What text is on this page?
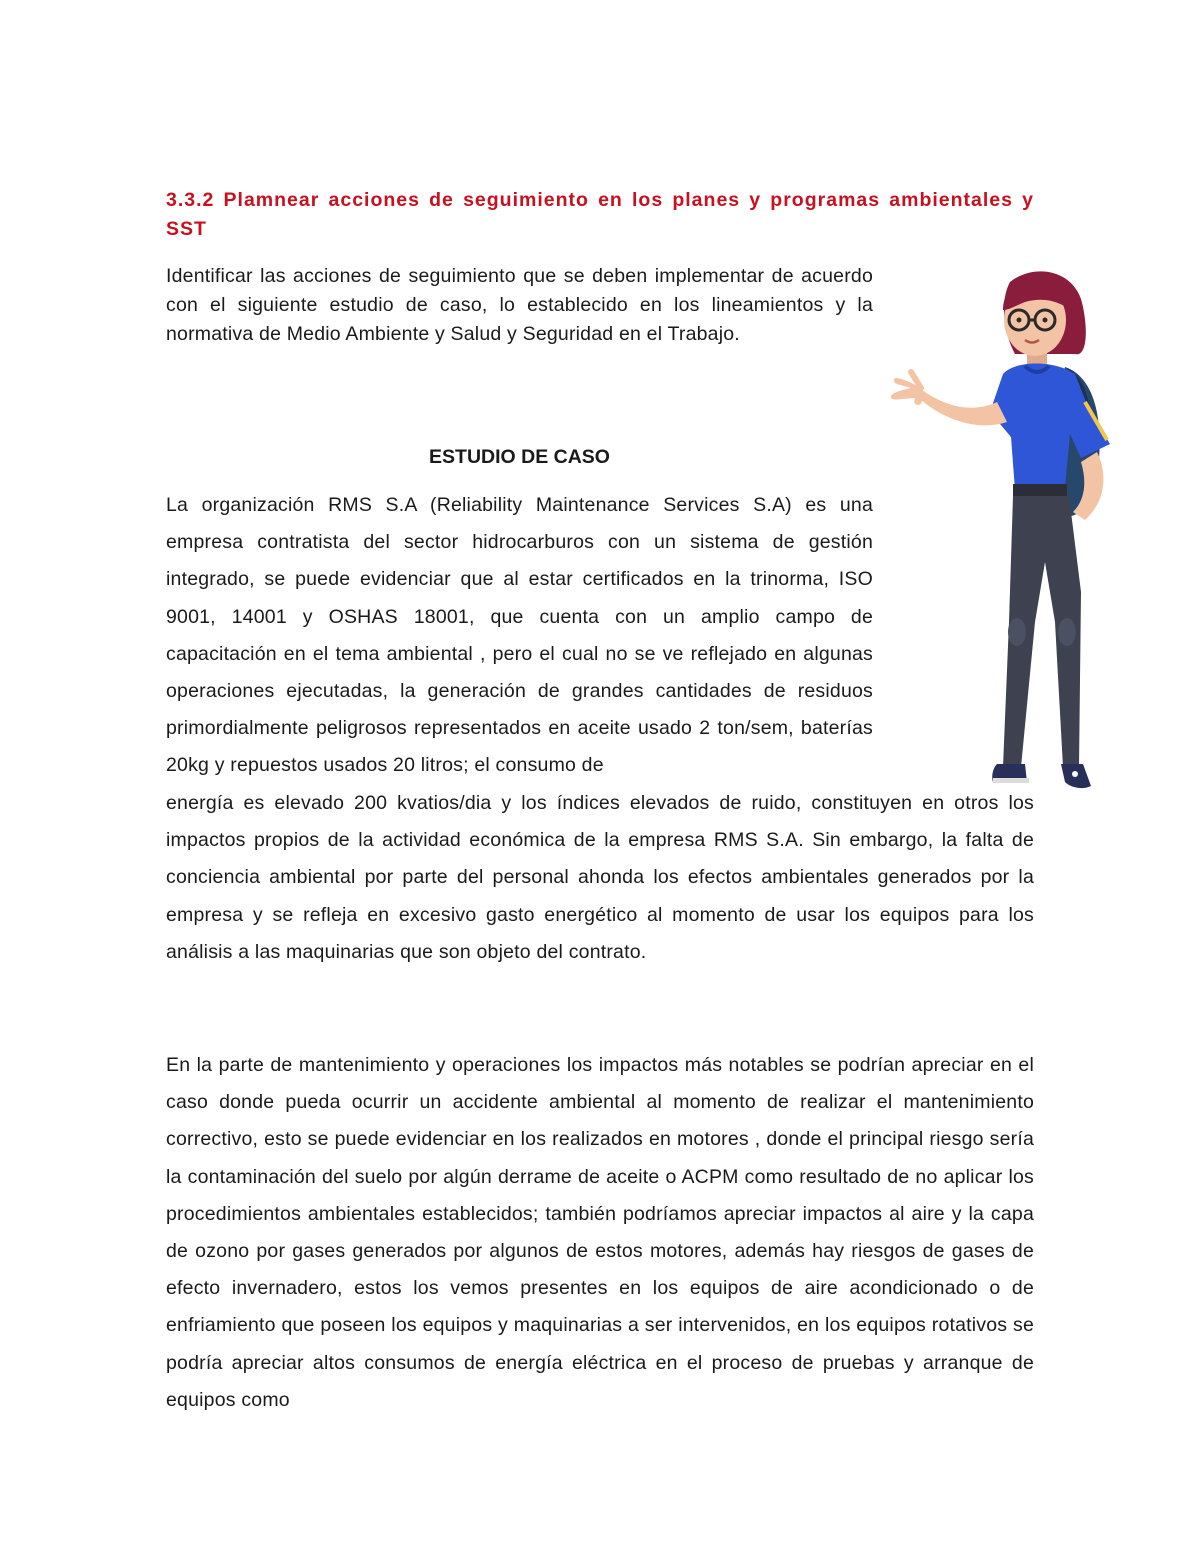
3.3.2 Plamnear acciones de seguimiento en los planes y programas ambientales y SST

Identificar las acciones de seguimiento que se deben implementar de acuerdo con el siguiente estudio de caso, lo establecido en los lineamientos y la normativa de Medio Ambiente y Salud y Seguridad en el Trabajo.

ESTUDIO DE CASO

La organización RMS S.A (Reliability Maintenance Services S.A) es una empresa contratista del sector hidrocarburos con un sistema de gestión integrado, se puede evidenciar que al estar certificados en la trinorma, ISO 9001, 14001 y OSHAS 18001, que cuenta con un amplio campo de capacitación en el tema ambiental , pero el cual no se ve reflejado en algunas operaciones ejecutadas, la generación de grandes cantidades de residuos primordialmente peligrosos representados en aceite usado 2 ton/sem, baterías 20kg y repuestos usados 20 litros; el consumo de

energía es elevado 200 kvatios/dia y los índices elevados de ruido, constituyen en otros los impactos propios de la actividad económica de la empresa RMS S.A. Sin embargo, la falta de conciencia ambiental por parte del personal ahonda los efectos ambientales generados por la empresa y se refleja en excesivo gasto energético al momento de usar los equipos para los análisis a las maquinarias que son objeto del contrato.

En la parte de mantenimiento y operaciones los impactos más notables se podrían apreciar en el caso donde pueda ocurrir un accidente ambiental al momento de realizar el mantenimiento correctivo, esto se puede evidenciar en los realizados en motores , donde el principal riesgo sería la contaminación del suelo por algún derrame de aceite o ACPM como resultado de no aplicar los procedimientos ambientales establecidos; también podríamos apreciar impactos al aire y la capa de ozono por gases generados por algunos de estos motores, además hay riesgos de gases de efecto invernadero, estos los vemos presentes en los equipos de aire acondicionado o de enfriamiento que poseen los equipos y maquinarias a ser intervenidos, en los equipos rotativos se podría apreciar altos consumos de energía eléctrica en el proceso de pruebas y arranque de equipos como
